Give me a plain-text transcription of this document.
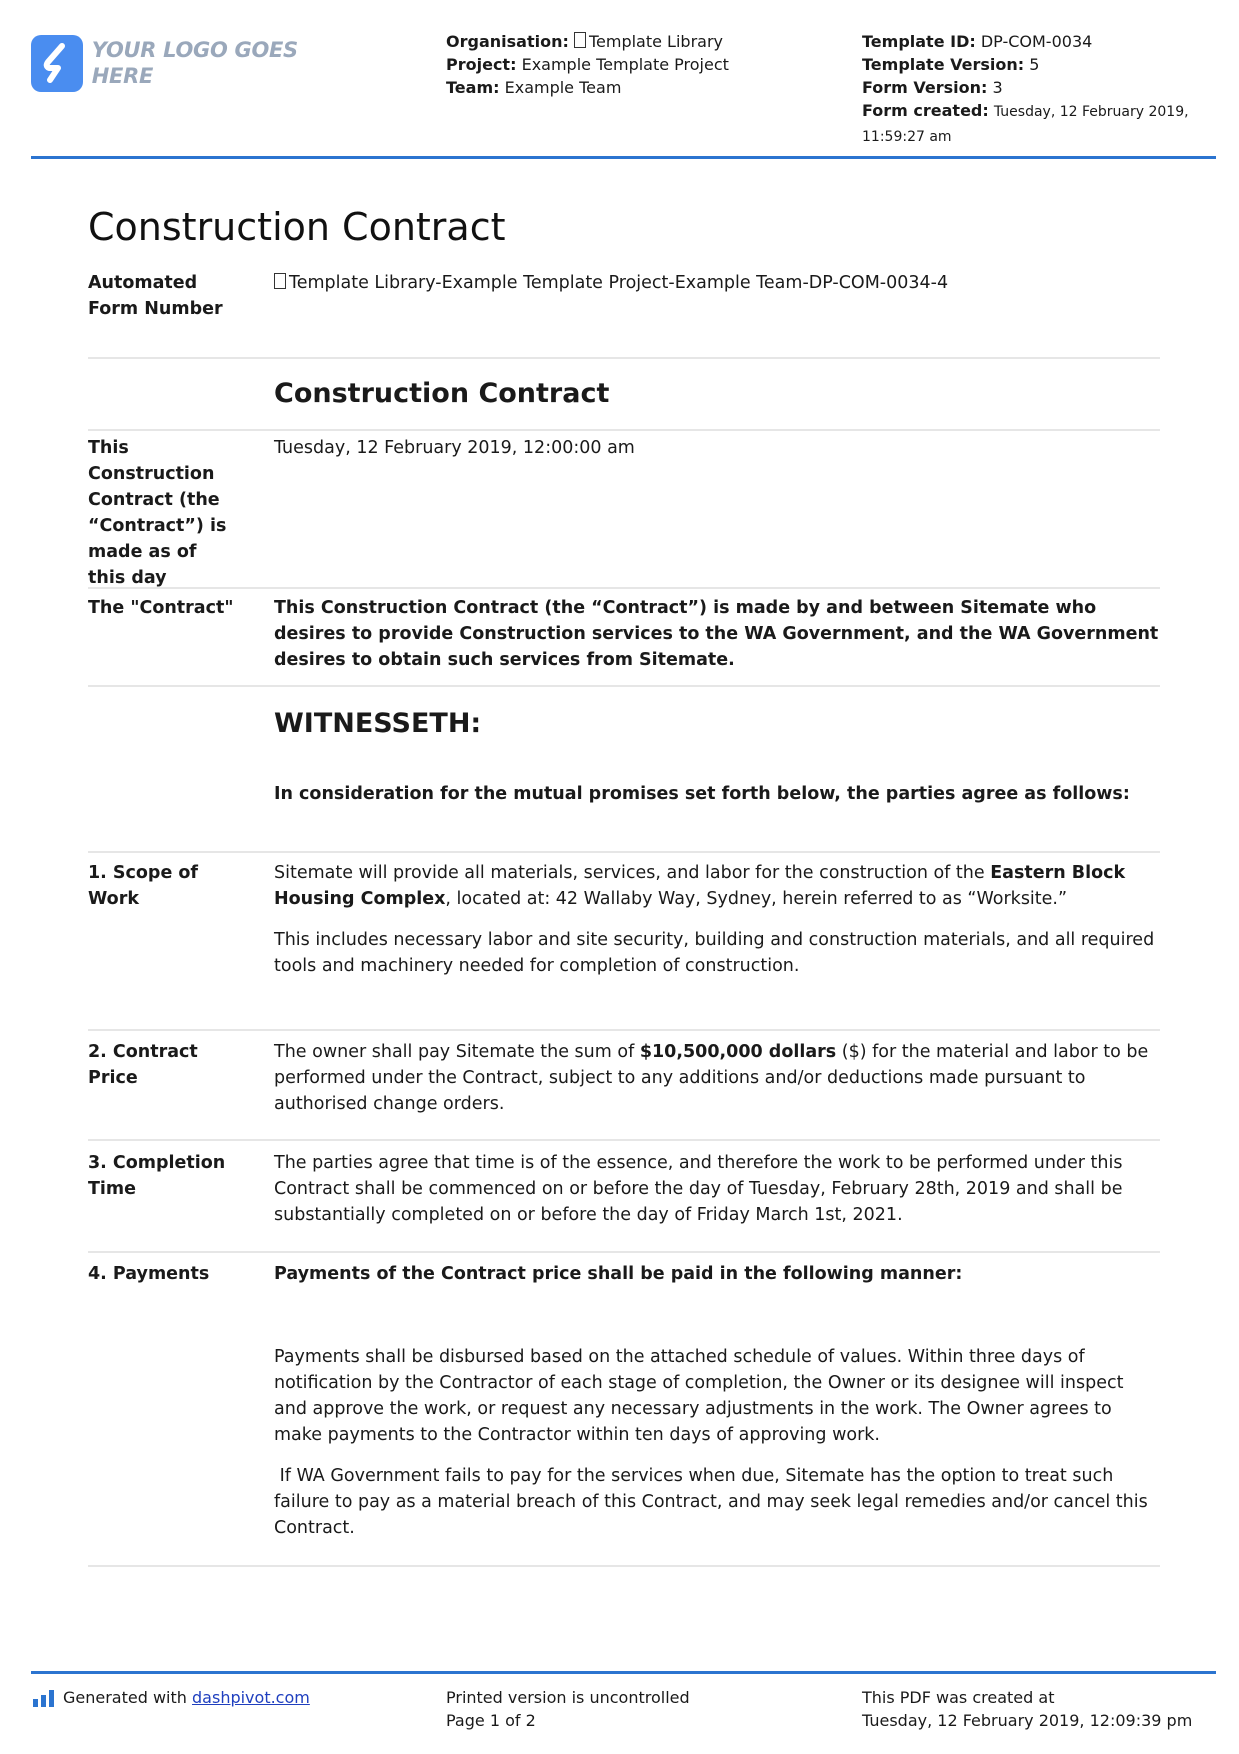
YOUR LOGO GOES HERE
Organisation: Template Library
Project: Example Template Project
Team: Example Team
Template ID: DP-COM-0034
Template Version: 5
Form Version: 3
Form created: Tuesday, 12 February 2019, 11:59:27 am
Construction Contract
Automated Form Number
Template Library-Example Template Project-Example Team-DP-COM-0034-4
Construction Contract
This Construction Contract (the “Contract”) is made as of this day
Tuesday, 12 February 2019, 12:00:00 am
The "Contract" This Construction Contract (the “Contract”) is made by and between Sitemate who desires to provide Construction services to the WA Government, and the WA Government desires to obtain such services from Sitemate.
WITNESSETH:
In consideration for the mutual promises set forth below, the parties agree as follows:
1. Scope of Work

Sitemate will provide all materials, services, and labor for the construction of the Eastern Block Housing Complex, located at: 42 Wallaby Way, Sydney, herein referred to as “Worksite.”

This includes necessary labor and site security, building and construction materials, and all required tools and machinery needed for completion of construction.

2. Contract Price
The owner shall pay Sitemate the sum of $10,500,000 dollars ($) for the material and labor to be performed under the Contract, subject to any additions and/or deductions made pursuant to authorised change orders.
3. Completion Time
The parties agree that time is of the essence, and therefore the work to be performed under this Contract shall be commenced on or before the day of Tuesday, February 28th, 2019 and shall be substantially completed on or before the day of Friday March 1st, 2021.
4. Payments	Payments of the Contract price shall be paid in the following manner:

Payments shall be disbursed based on the attached schedule of values. Within three days of notification by the Contractor of each stage of completion, the Owner or its designee will inspect and approve the work, or request any necessary adjustments in the work. The Owner agrees to make payments to the Contractor within ten days of approving work.

If WA Government fails to pay for the services when due, Sitemate has the option to treat such failure to pay as a material breach of this Contract, and may seek legal remedies and/or cancel this Contract.

Generated with
dashpivot.com	Printed version is uncontrolled
Page 1 of 2
This PDF was created at
Tuesday, 12 February 2019, 12:09:39 pm
